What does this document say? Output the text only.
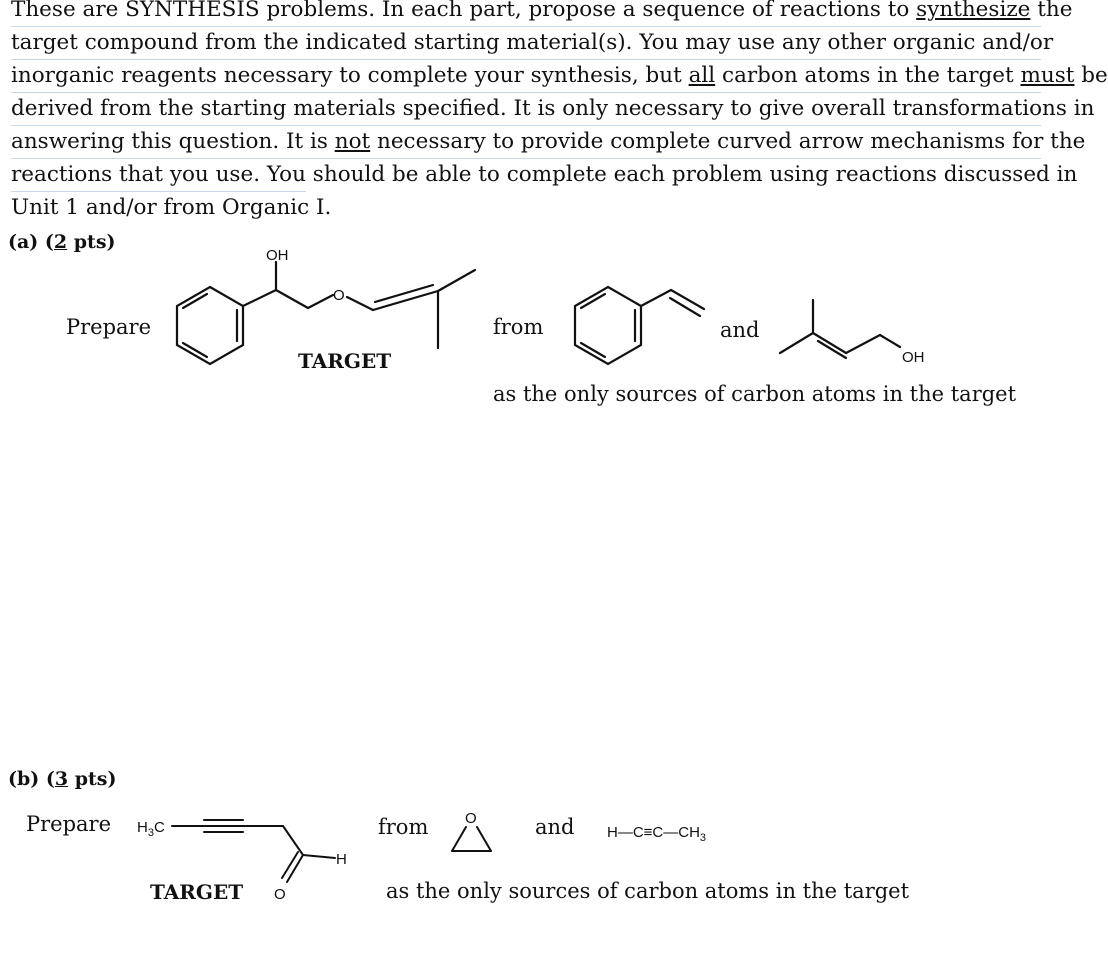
These are SYNTHESIS problems. In each part, propose a sequence of reactions to synthesize the
target compound from the indicated starting material(s). You may use any other organic and/or
inorganic reagents necessary to complete your synthesis, but all carbon atoms in the target must be
derived from the starting materials specified. It is only necessary to give overall transformations in
answering this question. It is not necessary to provide complete curved arrow mechanisms for the
reactions that you use. You should be able to complete each problem using reactions discussed in
Unit 1 and/or from Organic I.
(a) (2 pts)
Prepare
OH
O
OH
TARGET
from	and
as the only sources of carbon atoms in the target
(b) (3 pts)
Prepare $H_3C$
H
O
O
$H—C\equiv C—CH_3$
TARGET
from	and
as the only sources of carbon atoms in the target
